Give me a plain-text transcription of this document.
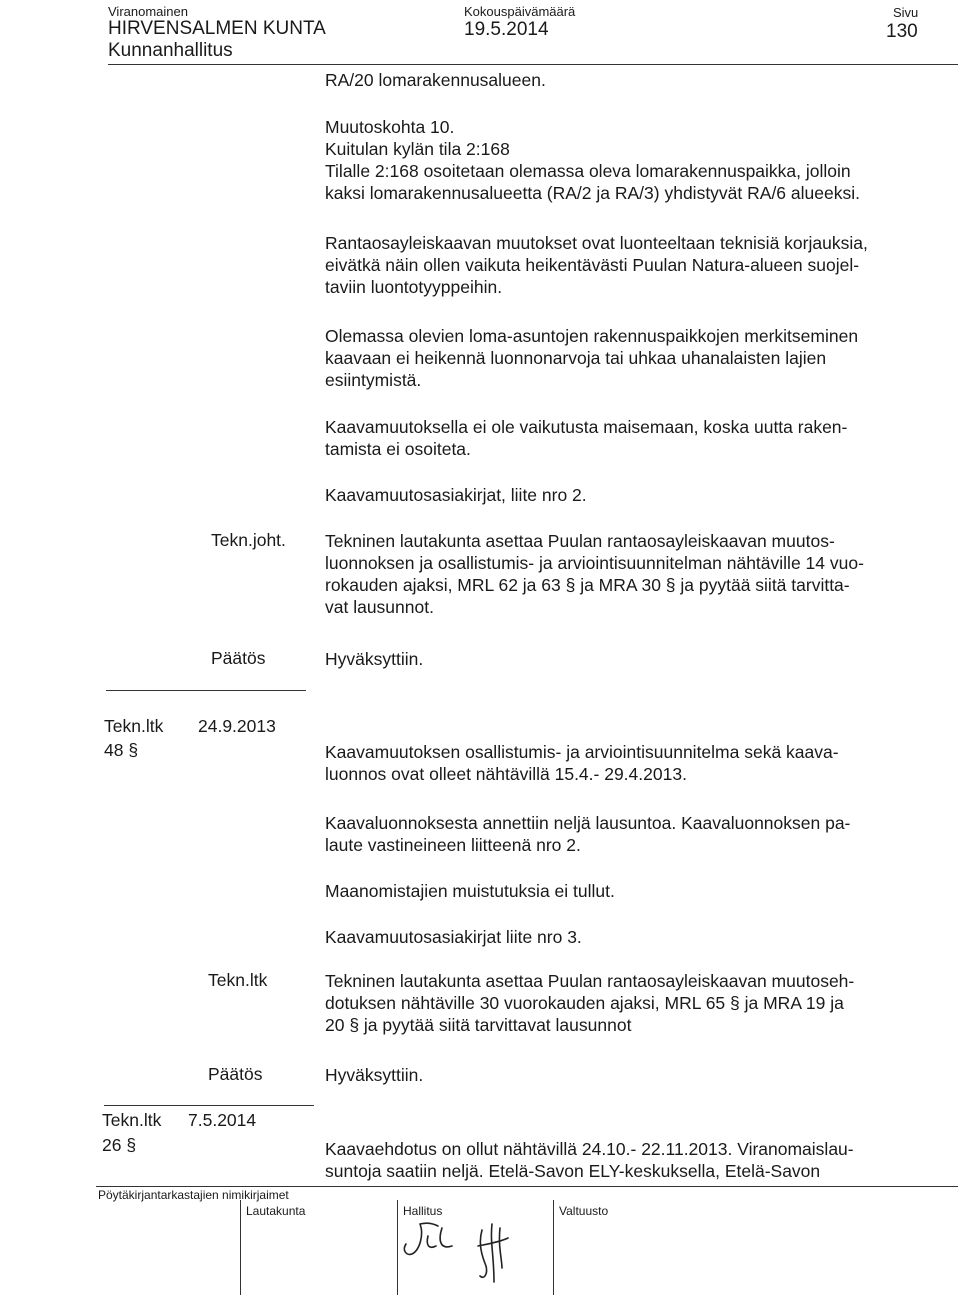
Viranomainen
HIRVENSALMEN KUNTA
Kunnanhallitus
Kokouspäivämäärä
19.5.2014
Sivu
130
RA/20 lomarakennusalueen.
Muutoskohta 10.
Kuitulan kylän tila 2:168
Tilalle 2:168 osoitetaan olemassa oleva lomarakennuspaikka, jolloin
kaksi lomarakennusalueetta (RA/2 ja RA/3) yhdistyvät RA/6 alueeksi.
Rantaosayleiskaavan muutokset ovat luonteeltaan teknisiä korjauksia,
eivätkä näin ollen vaikuta heikentävästi Puulan Natura-alueen suojel-
taviin luontotyyppeihin.
Olemassa olevien loma-asuntojen rakennuspaikkojen merkitseminen
kaavaan ei heikennä luonnonarvoja tai uhkaa uhanalaisten lajien
esiintymistä.
Kaavamuutoksella ei ole vaikutusta maisemaan, koska uutta raken-
tamista ei osoiteta.
Kaavamuutosasiakirjat, liite nro 2.
Tekn.joht. Tekninen lautakunta asettaa Puulan rantaosayleiskaavan muutos-
luonnoksen ja osallistumis- ja arviointisuunnitelman nähtäville 14 vuo-
rokauden ajaksi, MRL 62 ja 63 § ja MRA 30 § ja pyytää siitä tarvitta-
vat lausunnot.
Päätös	Hyväksyttiin.
Tekn.ltk 24.9.2013
48 §	Kaavamuutoksen osallistumis- ja arviointisuunnitelma sekä kaava-
luonnos ovat olleet nähtävillä 15.4.- 29.4.2013.
Kaavaluonnoksesta annettiin neljä lausuntoa. Kaavaluonnoksen pa-
laute vastineineen liitteenä nro 2.
Maanomistajien muistutuksia ei tullut.
Kaavamuutosasiakirjat liite nro 3.
Tekn.ltk	Tekninen lautakunta asettaa Puulan rantaosayleiskaavan muutoseh-
dotuksen nähtäville 30 vuorokauden ajaksi, MRL 65 § ja MRA 19 ja
20 § ja pyytää siitä tarvittavat lausunnot
Päätös	Hyväksyttiin.
Tekn.ltk 7.5.2014
26 §	Kaavaehdotus on ollut nähtävillä 24.10.- 22.11.2013. Viranomaislau-
suntoja saatiin neljä. Etelä-Savon ELY-keskuksella, Etelä-Savon
Pöytäkirjantarkastajien nimikirjaimet
Lautakunta	Hallitus	Valtuusto
